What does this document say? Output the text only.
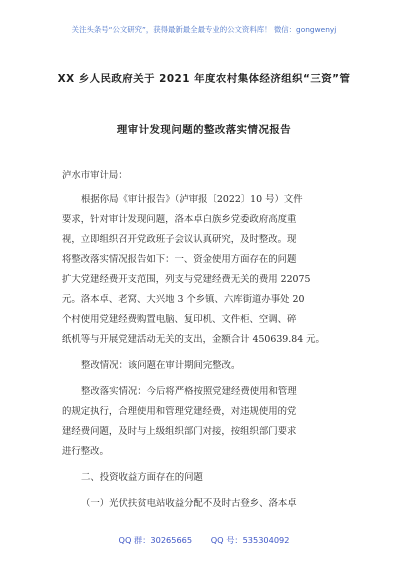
关注头条号“公文研究”，获得最新最全最专业的公文资料库！ 微信：gongwenyj
XX 乡人民政府关于 2021 年度农村集体经济组织“三资”管
理审计发现问题的整改落实情况报告
泸水市审计局：
根据你局《审计报告》（泸审报〔2022〕10 号）文件
要求，针对审计发现问题，洛本卓白族乡党委政府高度重
视，立即组织召开党政班子会议认真研究，及时整改。现
将整改落实情况报告如下：一、资金使用方面存在的问题
扩大党建经费开支范围，列支与党建经费无关的费用 22075
元。洛本卓、老窝、大兴地 3 个乡镇、六库街道办事处 20
个村使用党建经费购置电脑、复印机、文件柜、空调、碎
纸机等与开展党建活动无关的支出，金额合计 450639.84 元。
整改情况：该问题在审计期间完整改。
整改落实情况：今后将严格按照党建经费使用和管理
的规定执行，合理使用和管理党建经费，对违规使用的党
建经费问题，及时与上级组织部门对接，按组织部门要求
进行整改。
二、投资收益方面存在的问题
（一）光伏扶贫电站收益分配不及时古登乡、洛本卓
QQ 群：30265665 QQ 号：535304092
